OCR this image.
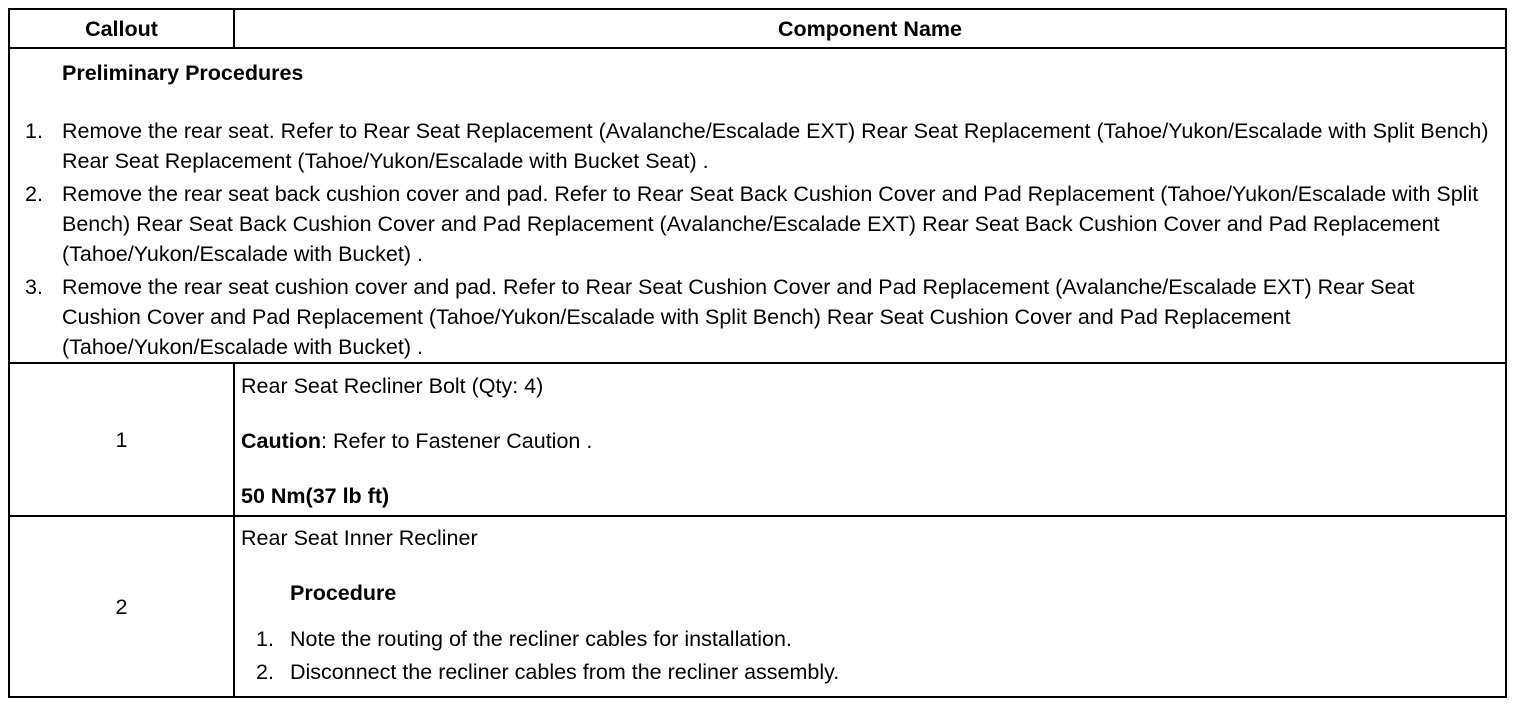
Callout	Component Name
Preliminary Procedures
1. Remove the rear seat. Refer to Rear Seat Replacement (Avalanche/Escalade EXT) Rear Seat Replacement (Tahoe/Yukon/Escalade with Split Bench) Rear Seat Replacement (Tahoe/Yukon/Escalade with Bucket Seat) .
2. Remove the rear seat back cushion cover and pad. Refer to Rear Seat Back Cushion Cover and Pad Replacement (Tahoe/Yukon/Escalade with Split Bench) Rear Seat Back Cushion Cover and Pad Replacement (Avalanche/Escalade EXT) Rear Seat Back Cushion Cover and Pad Replacement (Tahoe/Yukon/Escalade with Bucket) .
3. Remove the rear seat cushion cover and pad. Refer to Rear Seat Cushion Cover and Pad Replacement (Avalanche/Escalade EXT) Rear Seat Cushion Cover and Pad Replacement (Tahoe/Yukon/Escalade with Split Bench) Rear Seat Cushion Cover and Pad Replacement (Tahoe/Yukon/Escalade with Bucket) .
1
Rear Seat Recliner Bolt (Qty: 4)
Caution: Refer to Fastener Caution .
50 Nm(37 lb ft)
2
Rear Seat Inner Recliner
Procedure
1. Note the routing of the recliner cables for installation.
2. Disconnect the recliner cables from the recliner assembly.
